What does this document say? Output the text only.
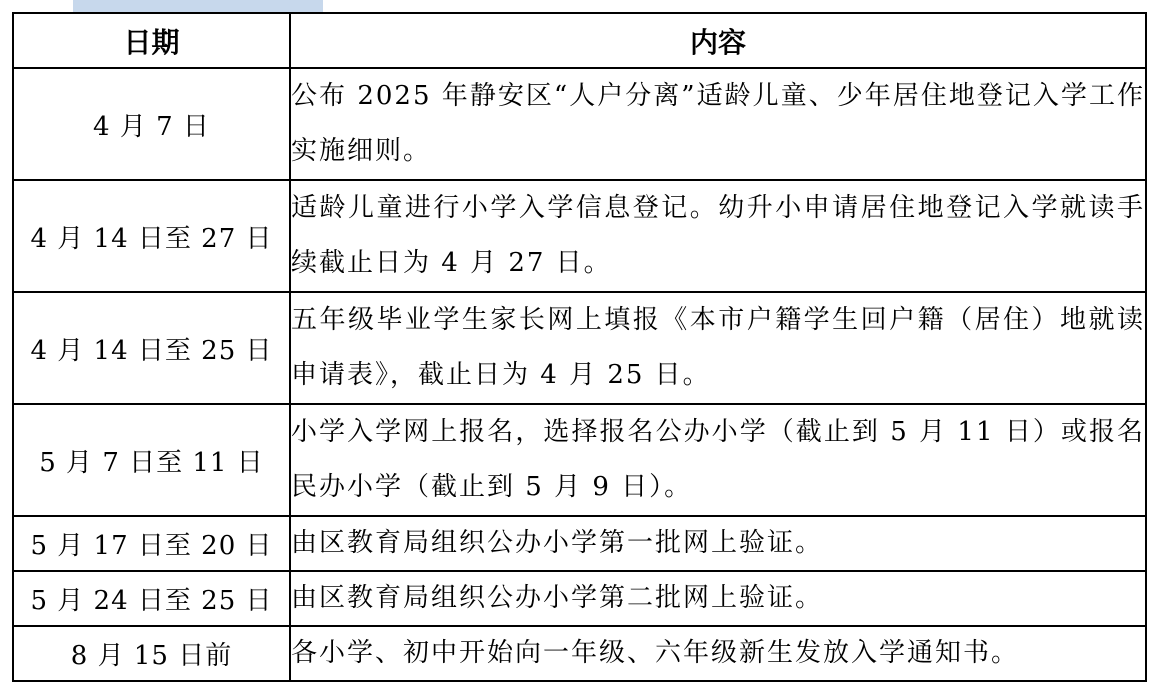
日期	内容
4 月 7 日	公布 2025 年静安区“人户分离”适龄儿童、少年居住地登记入学工作实施细则。
4 月 14 日至 27 日	适龄儿童进行小学入学信息登记。幼升小申请居住地登记入学就读手续截止日为 4 月 27 日。
4 月 14 日至 25 日	五年级毕业学生家长网上填报《本市户籍学生回户籍（居住）地就读申请表》，截止日为 4 月 25 日。
5 月 7 日至 11 日	小学入学网上报名，选择报名公办小学（截止到 5 月 11 日）或报名民办小学（截止到 5 月 9 日）。
5 月 17 日至 20 日	由区教育局组织公办小学第一批网上验证。
5 月 24 日至 25 日	由区教育局组织公办小学第二批网上验证。
8 月 15 日前	各小学、初中开始向一年级、六年级新生发放入学通知书。
